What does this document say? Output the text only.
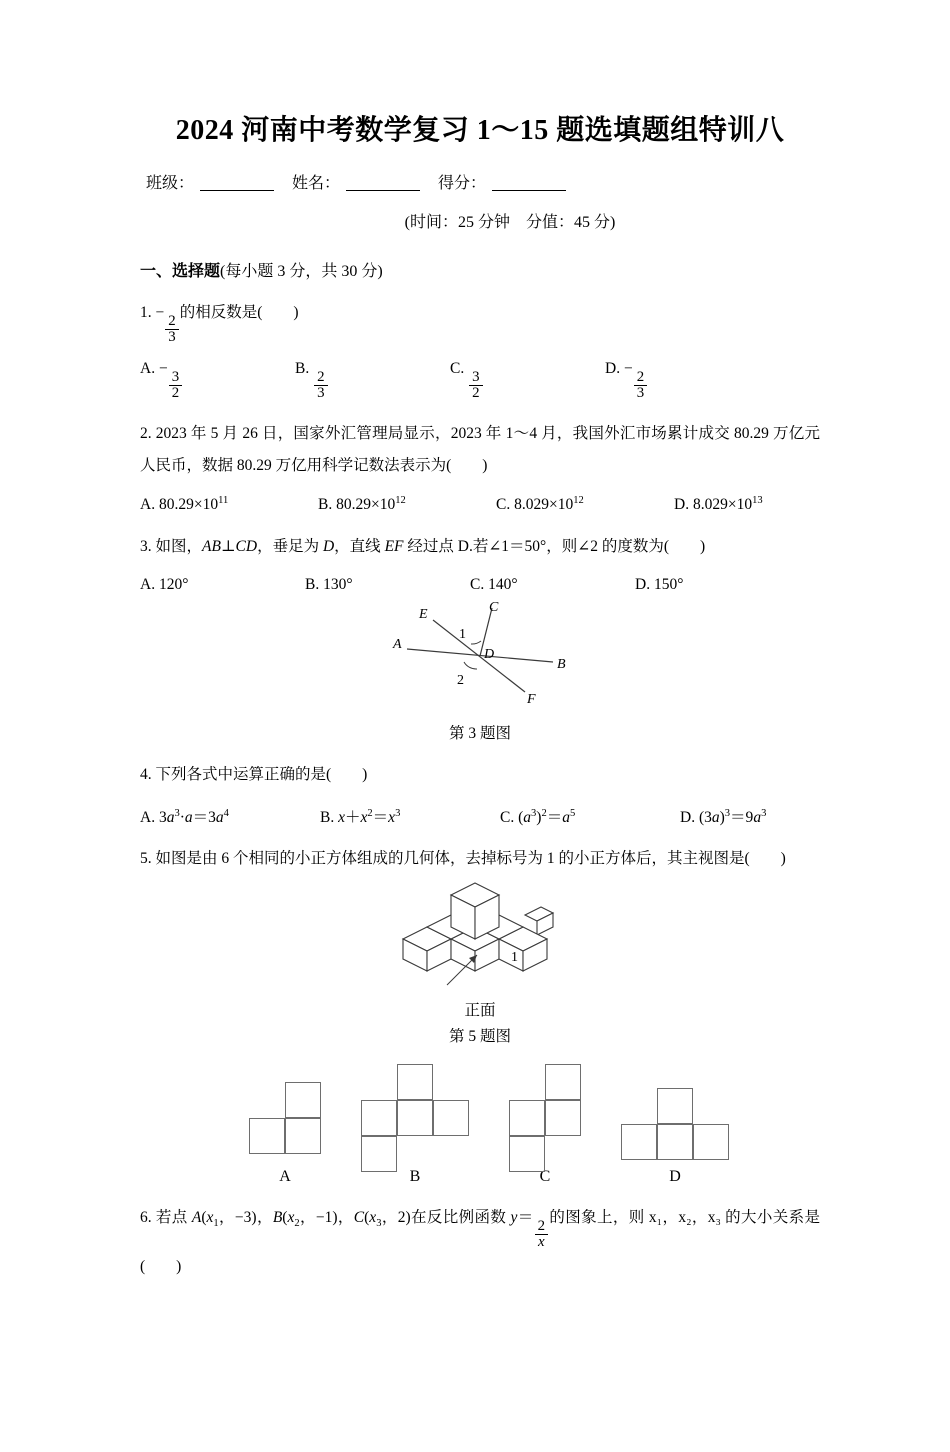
2024 河南中考数学复习 1～15 题选填题组特训八
班级：	姓名：	得分：
(时间：25 分钟　分值：45 分)
一、选择题(每小题 3 分，共 30 分)
1. −
$\frac{2}{3}$
的相反数是(　　)
A. −
$\frac{3}{2}$
B.
$\frac{2}{3}$
C.
$\frac{3}{2}$
D. −
$\frac{2}{3}$
2. 2023 年 5 月 26 日，国家外汇管理局显示，2023 年 1～4 月，我国外汇市场累计成交 80.29 万亿元人民币，数据 80.29 万亿用科学记数法表示为(　　)
A. $80.29\times 10^{11}$	B. $80.29\times 10^{12}$	C. $8.029\times 10^{12}$	D. $8.029\times 10^{13}$
3. 如图，AB⊥CD，垂足为 D，直线 EF 经过点 D.若∠1＝50°，则∠2 的度数为(　　)
A. 120°	B. 130°	C. 140°	D. 150°
A
B
C
D
E
F
1
2
第 3 题图
4. 下列各式中运算正确的是(　　)
A. $3a^3\cdot a=3a^4$	B. $x+x^2=x^3$	C. $(a^3)^2=a^5$	D. $(3a)^3=9a^3$
5. 如图是由 6 个相同的小正方体组成的几何体，去掉标号为 1 的小正方体后，其主视图是(　　)
1
正面
第 5 题图
A	B	C	D
6. 若点 $A(x_1$，−3)，$B(x_2$，−1)，$C(x_3$，2)在反比例函数 y＝
$\frac{2}{x}$
的图象上，则 x₁，x₂，x₃ 的大小关系是(　　)
